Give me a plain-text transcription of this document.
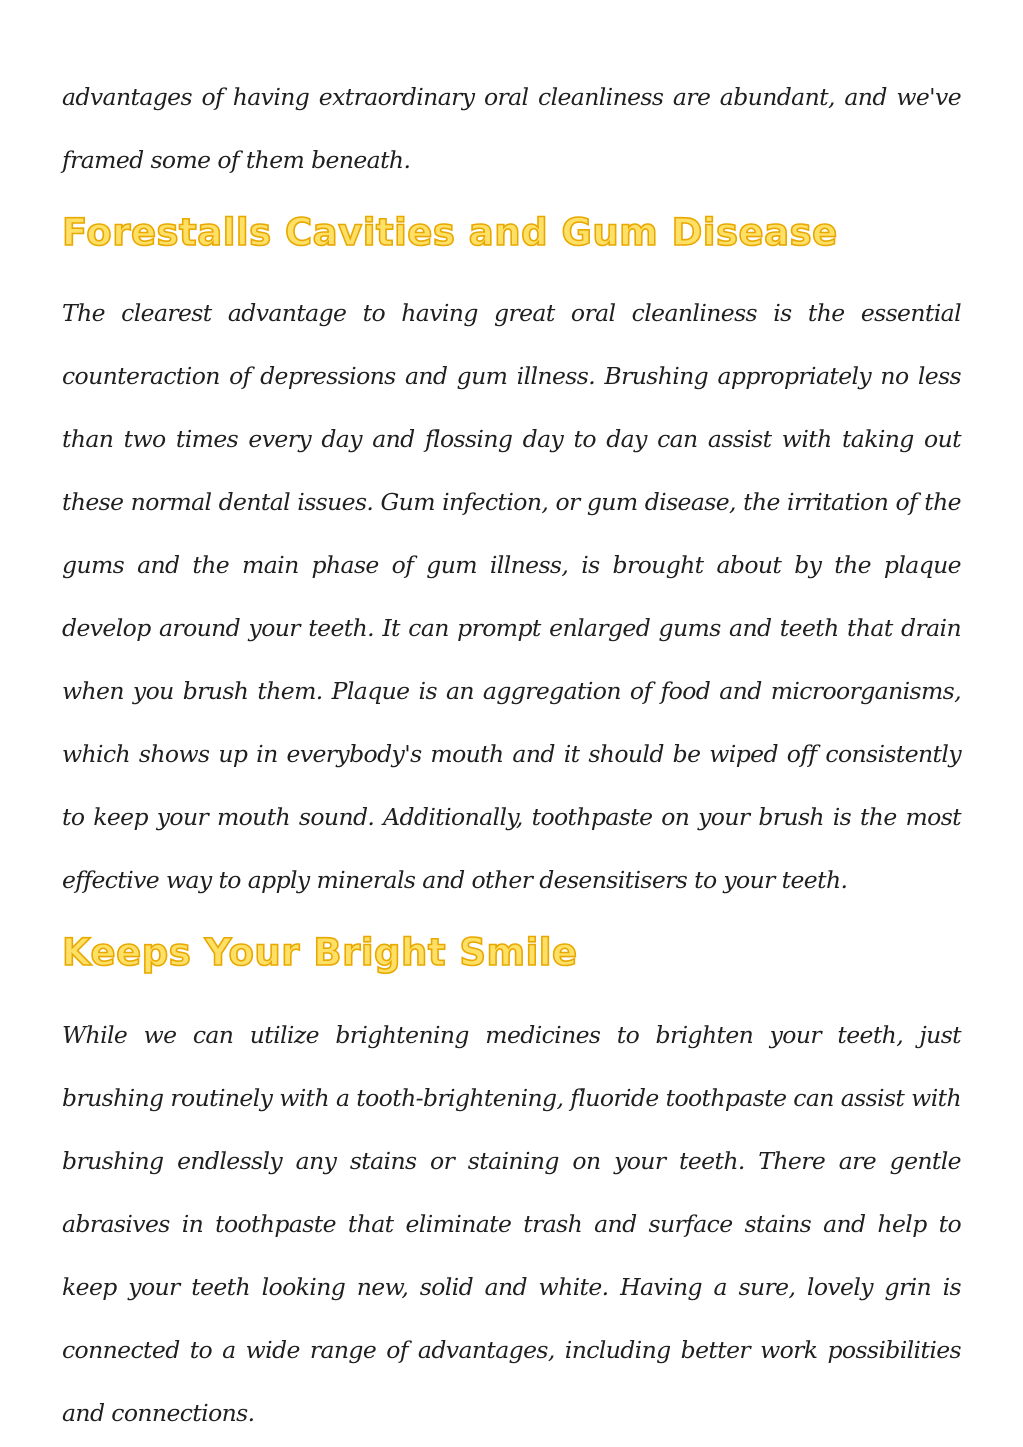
advantages of having extraordinary oral cleanliness are abundant, and we've framed some of them beneath.

Forestalls Cavities and Gum Disease

The clearest advantage to having great oral cleanliness is the essential counteraction of depressions and gum illness. Brushing appropriately no less than two times every day and flossing day to day can assist with taking out these normal dental issues. Gum infection, or gum disease, the irritation of the gums and the main phase of gum illness, is brought about by the plaque develop around your teeth. It can prompt enlarged gums and teeth that drain when you brush them. Plaque is an aggregation of food and microorganisms, which shows up in everybody's mouth and it should be wiped off consistently to keep your mouth sound. Additionally, toothpaste on your brush is the most effective way to apply minerals and other desensitisers to your teeth.

Keeps Your Bright Smile

While we can utilize brightening medicines to brighten your teeth, just brushing routinely with a tooth-brightening, fluoride toothpaste can assist with brushing endlessly any stains or staining on your teeth. There are gentle abrasives in toothpaste that eliminate trash and surface stains and help to keep your teeth looking new, solid and white. Having a sure, lovely grin is connected to a wide range of advantages, including better work possibilities and connections.
